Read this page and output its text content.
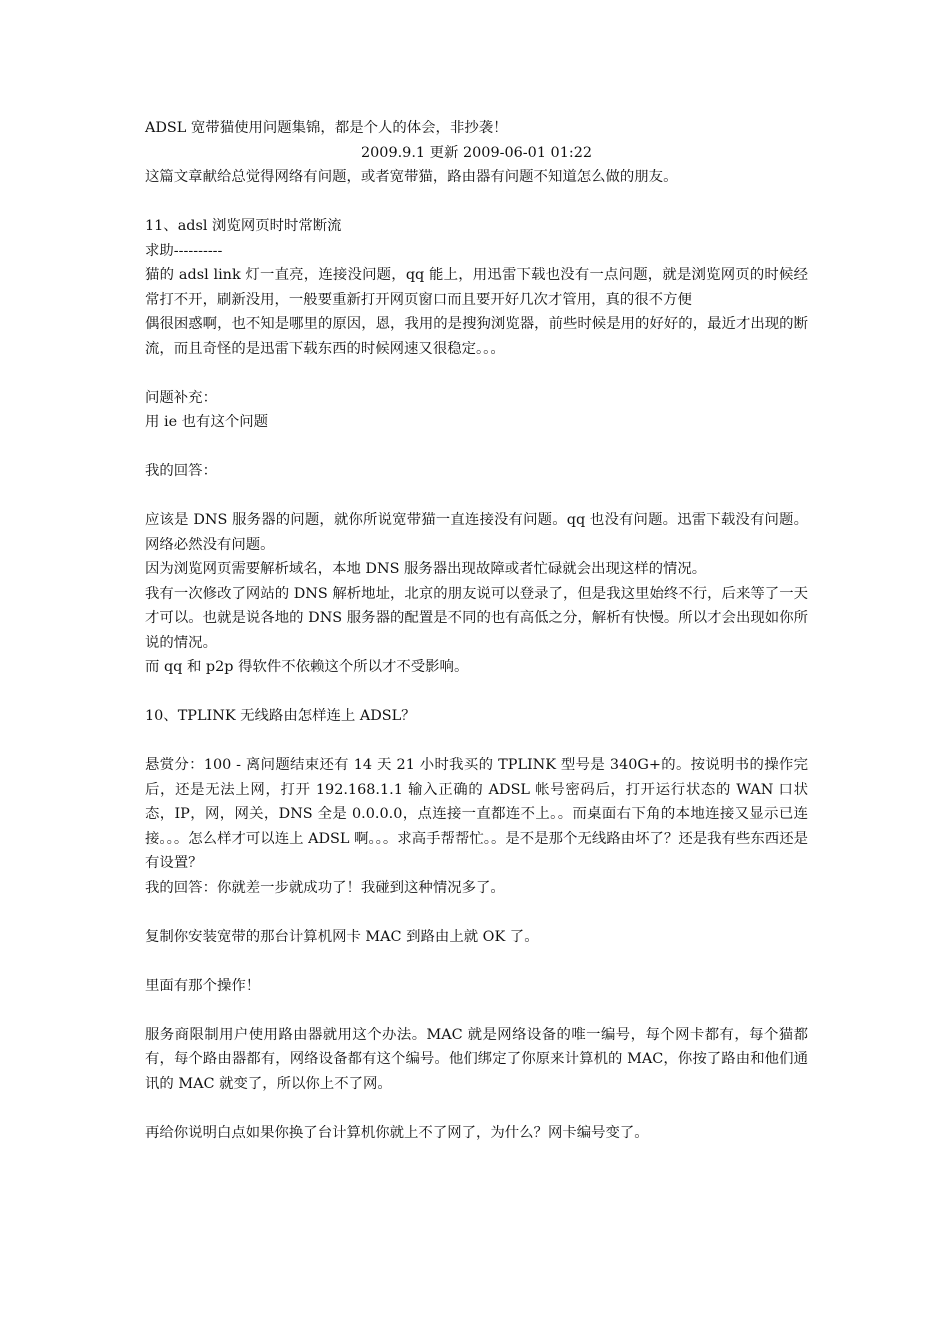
ADSL 宽带猫使用问题集锦，都是个人的体会，非抄袭！

2009.9.1 更新 2009-06-01 01:22

这篇文章献给总觉得网络有问题，或者宽带猫，路由器有问题不知道怎么做的朋友。

11、adsl 浏览网页时时常断流

求助----------

猫的 adsl link 灯一直亮，连接没问题，qq 能上，用迅雷下载也没有一点问题，就是浏览网页的时候经常打不开，刷新没用，一般要重新打开网页窗口而且要开好几次才管用，真的很不方便

偶很困惑啊，也不知是哪里的原因，恩，我用的是搜狗浏览器，前些时候是用的好好的，最近才出现的断流，而且奇怪的是迅雷下载东西的时候网速又很稳定。。。

问题补充：

用 ie 也有这个问题

我的回答：

应该是 DNS 服务器的问题，就你所说宽带猫一直连接没有问题。qq 也没有问题。迅雷下载没有问题。网络必然没有问题。

因为浏览网页需要解析域名，本地 DNS 服务器出现故障或者忙碌就会出现这样的情况。

我有一次修改了网站的 DNS 解析地址，北京的朋友说可以登录了，但是我这里始终不行，后来等了一天才可以。也就是说各地的 DNS 服务器的配置是不同的也有高低之分，解析有快慢。所以才会出现如你所说的情况。

而 qq 和 p2p 得软件不依赖这个所以才不受影响。

10、TPLINK 无线路由怎样连上 ADSL？

悬赏分：100 - 离问题结束还有 14 天 21 小时我买的 TPLINK 型号是 340G+的。按说明书的操作完后，还是无法上网，打开 192.168.1.1 输入正确的 ADSL 帐号密码后，打开运行状态的 WAN 口状态，IP，网，网关，DNS 全是 0.0.0.0，点连接一直都连不上。。而桌面右下角的本地连接又显示已连接。。。怎么样才可以连上 ADSL 啊。。。求高手帮帮忙。。是不是那个无线路由坏了？还是我有些东西还是有设置？

我的回答：你就差一步就成功了！我碰到这种情况多了。

复制你安装宽带的那台计算机网卡 MAC 到路由上就 OK 了。

里面有那个操作！

服务商限制用户使用路由器就用这个办法。MAC 就是网络设备的唯一编号，每个网卡都有，每个猫都有，每个路由器都有，网络设备都有这个编号。他们绑定了你原来计算机的 MAC，你按了路由和他们通讯的 MAC 就变了，所以你上不了网。

再给你说明白点如果你换了台计算机你就上不了网了，为什么？网卡编号变了。
